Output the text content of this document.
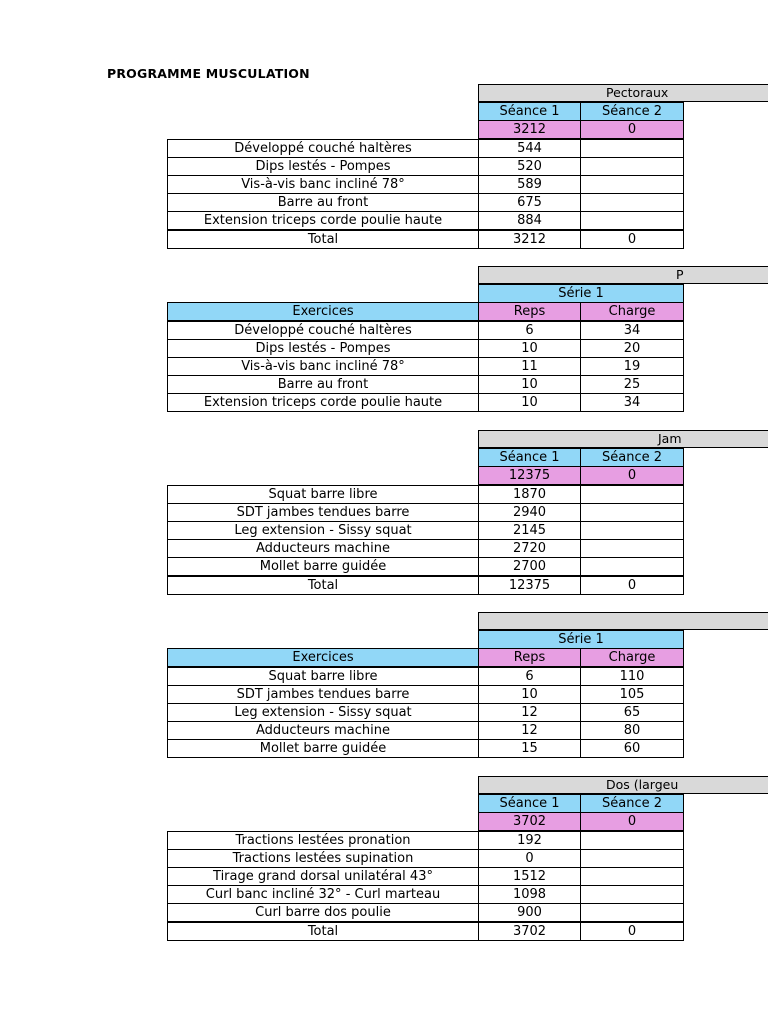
PROGRAMME MUSCULATION
Pectoraux
Séance 1	Séance 2
3212	0
Développé couché haltères	544
Dips lestés - Pompes	520
Vis-à-vis banc incliné 78°	589
Barre au front	675
Extension triceps corde poulie haute	884
Total	3212	0
P
Série 1
Exercices	Reps	Charge
Développé couché haltères	6	34
Dips lestés - Pompes	10	20
Vis-à-vis banc incliné 78°	11	19
Barre au front	10	25
Extension triceps corde poulie haute	10	34
Jam
Séance 1	Séance 2
12375	0
Squat barre libre	1870
SDT jambes tendues barre	2940
Leg extension - Sissy squat	2145
Adducteurs machine	2720
Mollet barre guidée	2700
Total	12375	0
Série 1
Exercices	Reps	Charge
Squat barre libre	6	110
SDT jambes tendues barre	10	105
Leg extension - Sissy squat	12	65
Adducteurs machine	12	80
Mollet barre guidée	15	60
Dos (largeu
Séance 1	Séance 2
3702	0
Tractions lestées pronation	192
Tractions lestées supination	0
Tirage grand dorsal unilatéral 43°	1512
Curl banc incliné 32° - Curl marteau	1098
Curl barre dos poulie	900
Total	3702	0
